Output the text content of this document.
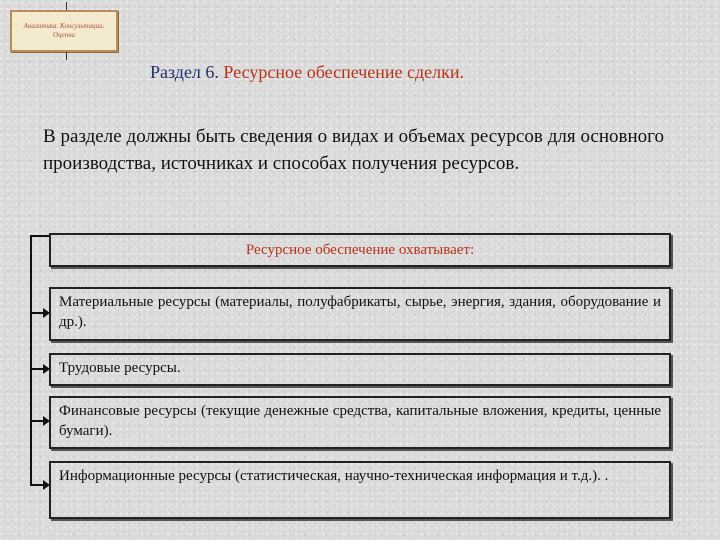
Аналитика. Консультации. Оценка
Раздел 6. Ресурсное обеспечение сделки.
В разделе должны быть сведения о видах и объемах ресурсов для основного производства, источниках и способах получения ресурсов.
Ресурсное обеспечение охватывает:
Материальные ресурсы (материалы, полуфабрикаты, сырье, энергия, здания, оборудование и др.).
Трудовые ресурсы.
Финансовые ресурсы (текущие денежные средства, капитальные вложения, кредиты, ценные бумаги).
Информационные ресурсы (статистическая, научно-техническая информация и т.д.). .
